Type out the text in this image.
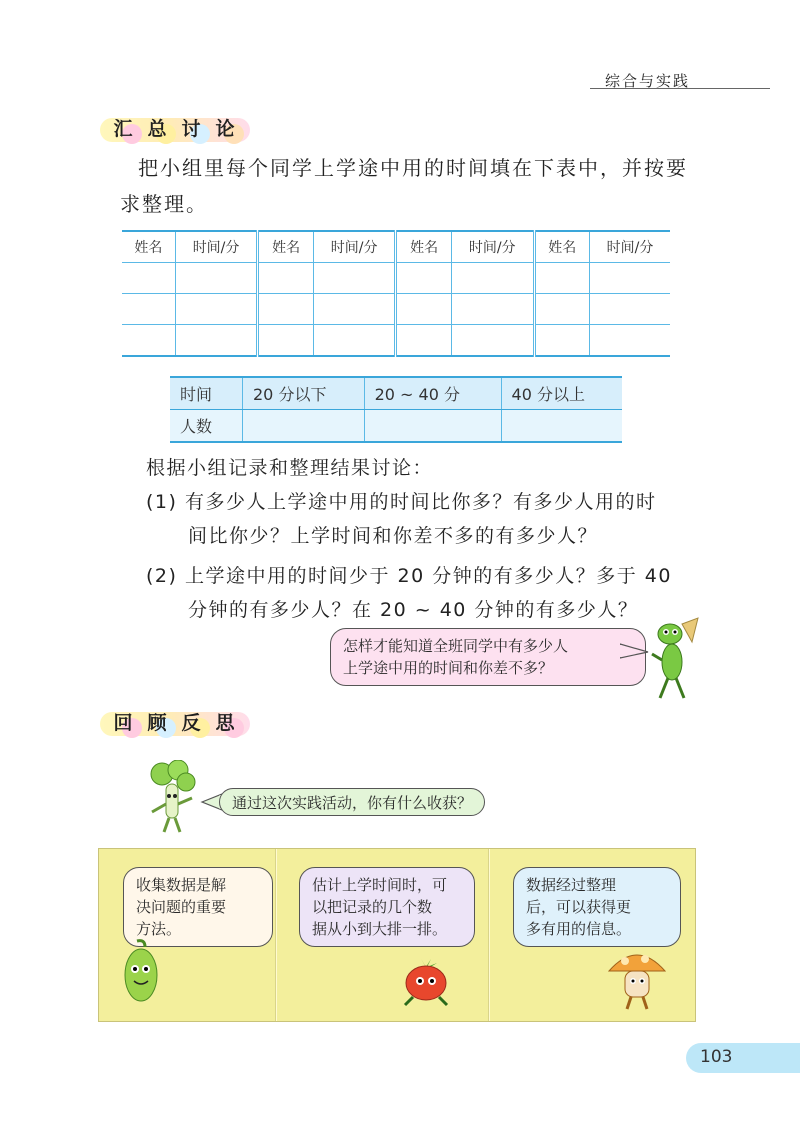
综合与实践
汇 总 讨 论

把小组里每个同学上学途中用的时间填在下表中，并按要求整理。

姓名	时间/分	姓名	时间/分	姓名	时间/分	姓名	时间/分

时间	20 分以下	20 ~ 40 分	40 分以上
人数			
根据小组记录和整理结果讨论：
(1) 有多少人上学途中用的时间比你多？有多少人用的时
间比你少？上学时间和你差不多的有多少人？
(2) 上学途中用的时间少于 20 分钟的有多少人？多于 40
分钟的有多少人？在 20 ~ 40 分钟的有多少人？
怎样才能知道全班同学中有多少人
上学途中用的时间和你差不多？
回 顾 反 思
通过这次实践活动，你有什么收获？
收集数据是解
决问题的重要
方法。
估计上学时间时，可
以把记录的几个数
据从小到大排一排。
数据经过整理
后，可以获得更
多有用的信息。
103
